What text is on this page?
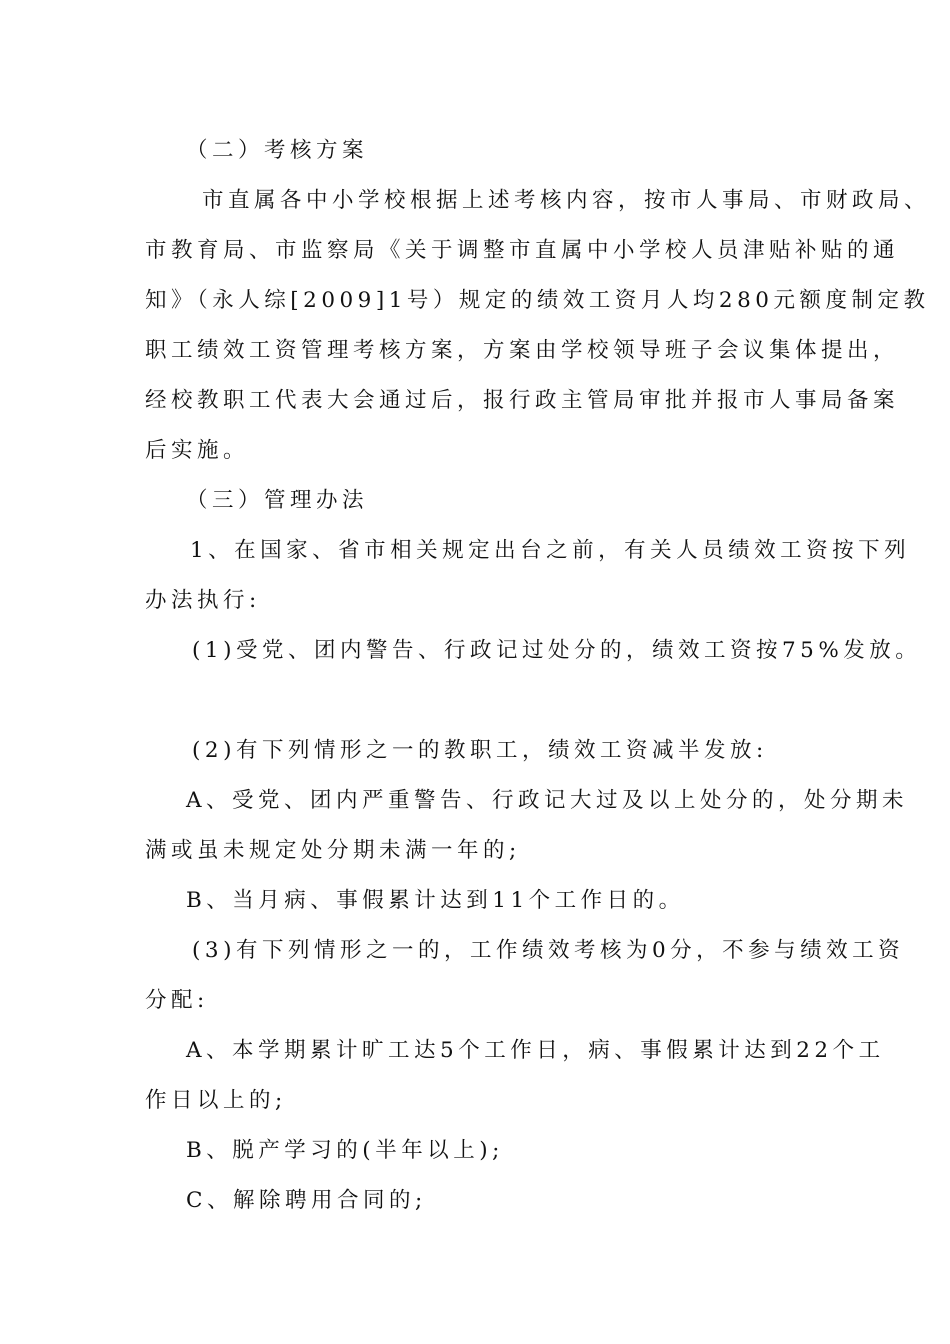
（二）考核方案
市直属各中小学校根据上述考核内容，按市人事局、市财政局、
市教育局、市监察局《关于调整市直属中小学校人员津贴补贴的通
知》（永人综[2009]1号）规定的绩效工资月人均280元额度制定教
职工绩效工资管理考核方案，方案由学校领导班子会议集体提出，
经校教职工代表大会通过后，报行政主管局审批并报市人事局备案
后实施。
（三）管理办法
1、在国家、省市相关规定出台之前，有关人员绩效工资按下列
办法执行:
(1)受党、团内警告、行政记过处分的，绩效工资按75%发放。
(2)有下列情形之一的教职工，绩效工资减半发放:
A、受党、团内严重警告、行政记大过及以上处分的，处分期未
满或虽未规定处分期未满一年的;
B、当月病、事假累计达到11个工作日的。
(3)有下列情形之一的，工作绩效考核为0分，不参与绩效工资
分配:
A、本学期累计旷工达5个工作日，病、事假累计达到22个工
作日以上的;
B、脱产学习的(半年以上);
C、解除聘用合同的;
